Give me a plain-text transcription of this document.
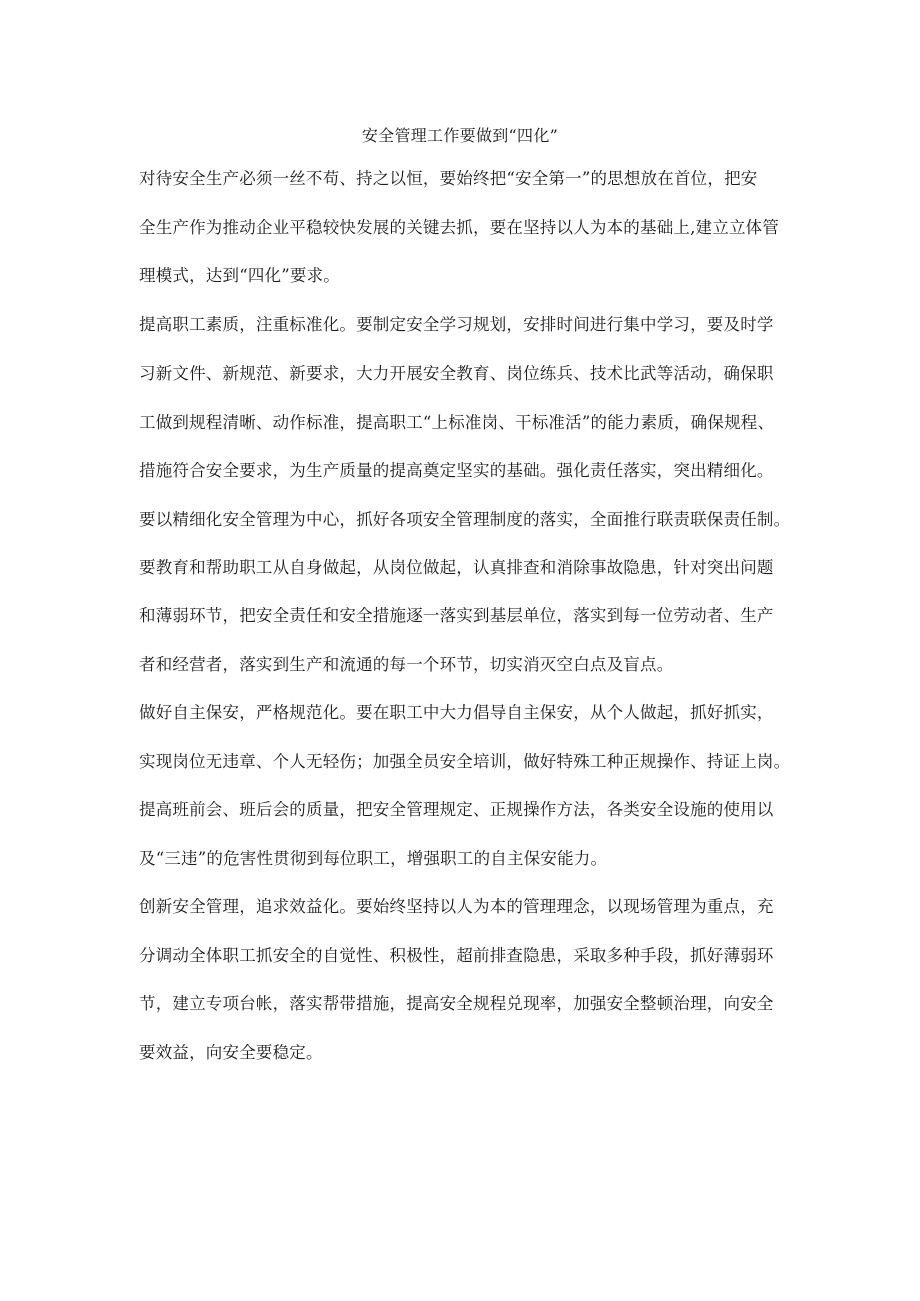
安全管理工作要做到“四化”
对待安全生产必须一丝不苟、持之以恒，要始终把“安全第一”的思想放在首位，把安
全生产作为推动企业平稳较快发展的关键去抓，要在坚持以人为本的基础上,建立立体管
理模式，达到“四化”要求。
提高职工素质，注重标准化。要制定安全学习规划，安排时间进行集中学习，要及时学
习新文件、新规范、新要求，大力开展安全教育、岗位练兵、技术比武等活动，确保职
工做到规程清晰、动作标准，提高职工“上标准岗、干标准活”的能力素质，确保规程、
措施符合安全要求，为生产质量的提高奠定坚实的基础。强化责任落实，突出精细化。
要以精细化安全管理为中心，抓好各项安全管理制度的落实，全面推行联责联保责任制。
要教育和帮助职工从自身做起，从岗位做起，认真排查和消除事故隐患，针对突出问题
和薄弱环节，把安全责任和安全措施逐一落实到基层单位，落实到每一位劳动者、生产
者和经营者，落实到生产和流通的每一个环节，切实消灭空白点及盲点。
做好自主保安，严格规范化。要在职工中大力倡导自主保安，从个人做起，抓好抓实，
实现岗位无违章、个人无轻伤；加强全员安全培训，做好特殊工种正规操作、持证上岗。
提高班前会、班后会的质量，把安全管理规定、正规操作方法，各类安全设施的使用以
及“三违”的危害性贯彻到每位职工，增强职工的自主保安能力。
创新安全管理，追求效益化。要始终坚持以人为本的管理理念，以现场管理为重点，充
分调动全体职工抓安全的自觉性、积极性，超前排查隐患，采取多种手段，抓好薄弱环
节，建立专项台帐，落实帮带措施，提高安全规程兑现率，加强安全整顿治理，向安全
要效益，向安全要稳定。
